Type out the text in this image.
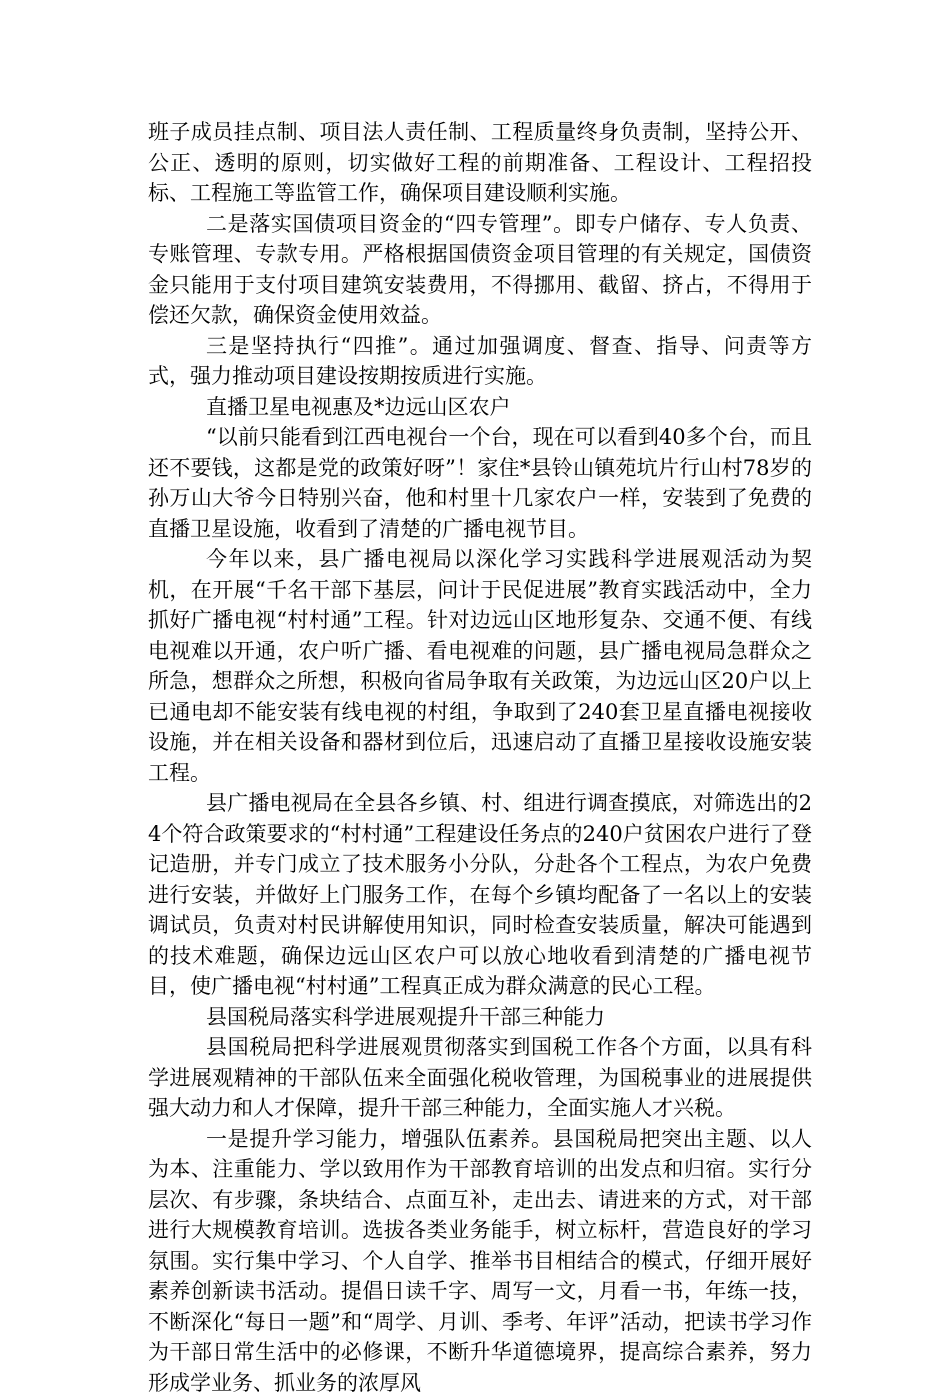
班子成员挂点制、项目法人责任制、工程质量终身负责制，坚持公开、公正、透明的原则，切实做好工程的前期准备、工程设计、工程招投标、工程施工等监管工作，确保项目建设顺利实施。

二是落实国债项目资金的“四专管理”。即专户储存、专人负责、专账管理、专款专用。严格根据国债资金项目管理的有关规定，国债资金只能用于支付项目建筑安装费用，不得挪用、截留、挤占，不得用于偿还欠款，确保资金使用效益。

三是坚持执行“四推”。通过加强调度、督查、指导、问责等方式，强力推动项目建设按期按质进行实施。

直播卫星电视惠及*边远山区农户

“以前只能看到江西电视台一个台，现在可以看到40多个台，而且还不要钱，这都是党的政策好呀”！家住*县铃山镇苑坑片行山村78岁的孙万山大爷今日特别兴奋，他和村里十几家农户一样，安装到了免费的直播卫星设施，收看到了清楚的广播电视节目。

今年以来，县广播电视局以深化学习实践科学进展观活动为契机，在开展“千名干部下基层，问计于民促进展”教育实践活动中，全力抓好广播电视“村村通”工程。针对边远山区地形复杂、交通不便、有线电视难以开通，农户听广播、看电视难的问题，县广播电视局急群众之所急，想群众之所想，积极向省局争取有关政策，为边远山区20户以上已通电却不能安装有线电视的村组，争取到了240套卫星直播电视接收设施，并在相关设备和器材到位后，迅速启动了直播卫星接收设施安装工程。

县广播电视局在全县各乡镇、村、组进行调查摸底，对筛选出的24个符合政策要求的“村村通”工程建设任务点的240户贫困农户进行了登记造册，并专门成立了技术服务小分队，分赴各个工程点，为农户免费进行安装，并做好上门服务工作，在每个乡镇均配备了一名以上的安装调试员，负责对村民讲解使用知识，同时检查安装质量，解决可能遇到的技术难题，确保边远山区农户可以放心地收看到清楚的广播电视节目，使广播电视“村村通”工程真正成为群众满意的民心工程。

县国税局落实科学进展观提升干部三种能力

县国税局把科学进展观贯彻落实到国税工作各个方面，以具有科学进展观精神的干部队伍来全面强化税收管理，为国税事业的进展提供强大动力和人才保障，提升干部三种能力，全面实施人才兴税。

一是提升学习能力，增强队伍素养。县国税局把突出主题、以人为本、注重能力、学以致用作为干部教育培训的出发点和归宿。实行分层次、有步骤，条块结合、点面互补，走出去、请进来的方式，对干部进行大规模教育培训。选拔各类业务能手，树立标杆，营造良好的学习氛围。实行集中学习、个人自学、推举书目相结合的模式，仔细开展好素养创新读书活动。提倡日读千字、周写一文，月看一书，年练一技，不断深化“每日一题”和“周学、月训、季考、年评”活动，把读书学习作为干部日常生活中的必修课，不断升华道德境界，提高综合素养，努力形成学业务、抓业务的浓厚风
